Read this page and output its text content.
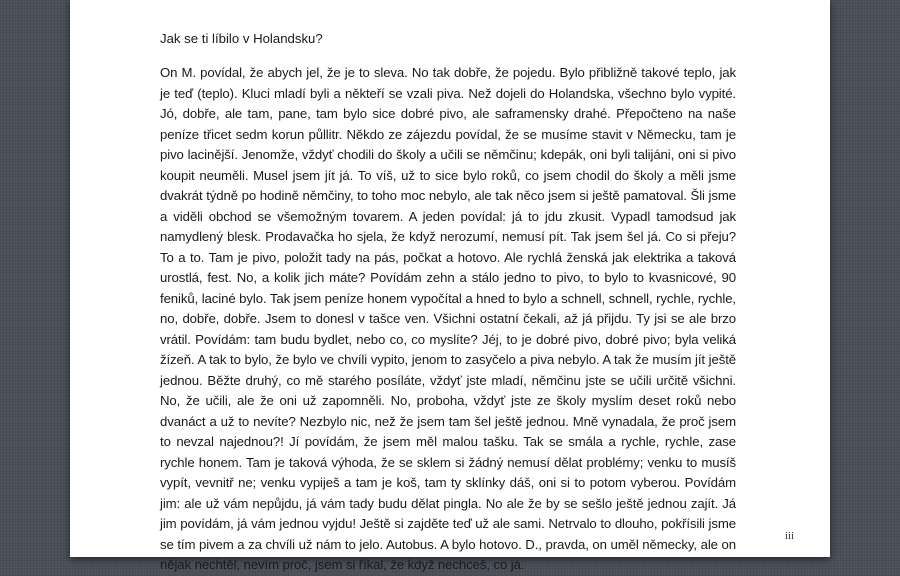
Jak se ti líbilo v Holandsku?

On M. povídal, že abych jel, že je to sleva. No tak dobře, že pojedu. Bylo přibližně takové teplo, jak je teď (teplo). Kluci mladí byli a někteří se vzali piva. Než dojeli do Holandska, všechno bylo vypité. Jó, dobře, ale tam, pane, tam bylo sice dobré pivo, ale saframensky drahé. Přepočteno na naše peníze třicet sedm korun půllitr. Někdo ze zájezdu povídal, že se musíme stavit v Německu, tam je pivo lacinější. Jenomže, vždyť chodili do školy a učili se němčinu; kdepák, oni byli talijáni, oni si pivo koupit neuměli. Musel jsem jít já. To víš, už to sice bylo roků, co jsem chodil do školy a měli jsme dvakrát týdně po hodině němčiny, to toho moc nebylo, ale tak něco jsem si ještě pamatoval. Šli jsme a viděli obchod se všemožným tovarem. A jeden povídal: já to jdu zkusit. Vypadl tamodsud jak namydlený blesk. Prodavačka ho sjela, že když nerozumí, nemusí pít. Tak jsem šel já. Co si přeju? To a to. Tam je pivo, položit tady na pás, počkat a hotovo. Ale rychlá ženská jak elektrika a taková urostlá, fest. No, a kolik jich máte? Povídám zehn a stálo jedno to pivo, to bylo to kvasnicové, 90 feniků, laciné bylo. Tak jsem peníze honem vypočítal a hned to bylo a schnell, schnell, rychle, rychle, no, dobře, dobře. Jsem to donesl v tašce ven. Všichni ostatní čekali, až já přijdu. Ty jsi se ale brzo vrátil. Povídám: tam budu bydlet, nebo co, co myslíte? Jéj, to je dobré pivo, dobré pivo; byla veliká žízeň. A tak to bylo, že bylo ve chvíli vypito, jenom to zasyčelo a piva nebylo. A tak že musím jít ještě jednou. Běžte druhý, co mě starého posíláte, vždyť jste mladí, němčinu jste se učili určitě všichni. No, že učili, ale že oni už zapomněli. No, proboha, vždyť jste ze školy myslím deset roků nebo dvanáct a už to nevíte? Nezbylo nic, než že jsem tam šel ještě jednou. Mně vynadala, že proč jsem to nevzal najednou?! Jí povídám, že jsem měl malou tašku. Tak se smála a rychle, rychle, zase rychle honem. Tam je taková výhoda, že se sklem si žádný nemusí dělat problémy; venku to musíš vypít, vevnitř ne; venku vypiješ a tam je koš, tam ty sklínky dáš, oni si to potom vyberou. Povídám jim: ale už vám nepůjdu, já vám tady budu dělat pingla. No ale že by se sešlo ještě jednou zajít. Já jim povídám, já vám jednou vyjdu! Ještě si zajděte teď už ale sami. Netrvalo to dlouho, pokřísili jsme se tím pivem a za chvíli už nám to jelo. Autobus. A bylo hotovo. D., pravda, on uměl německy, ale on nějak nechtěl, nevím proč, jsem si říkal, že když nechceš, co já.

iii
